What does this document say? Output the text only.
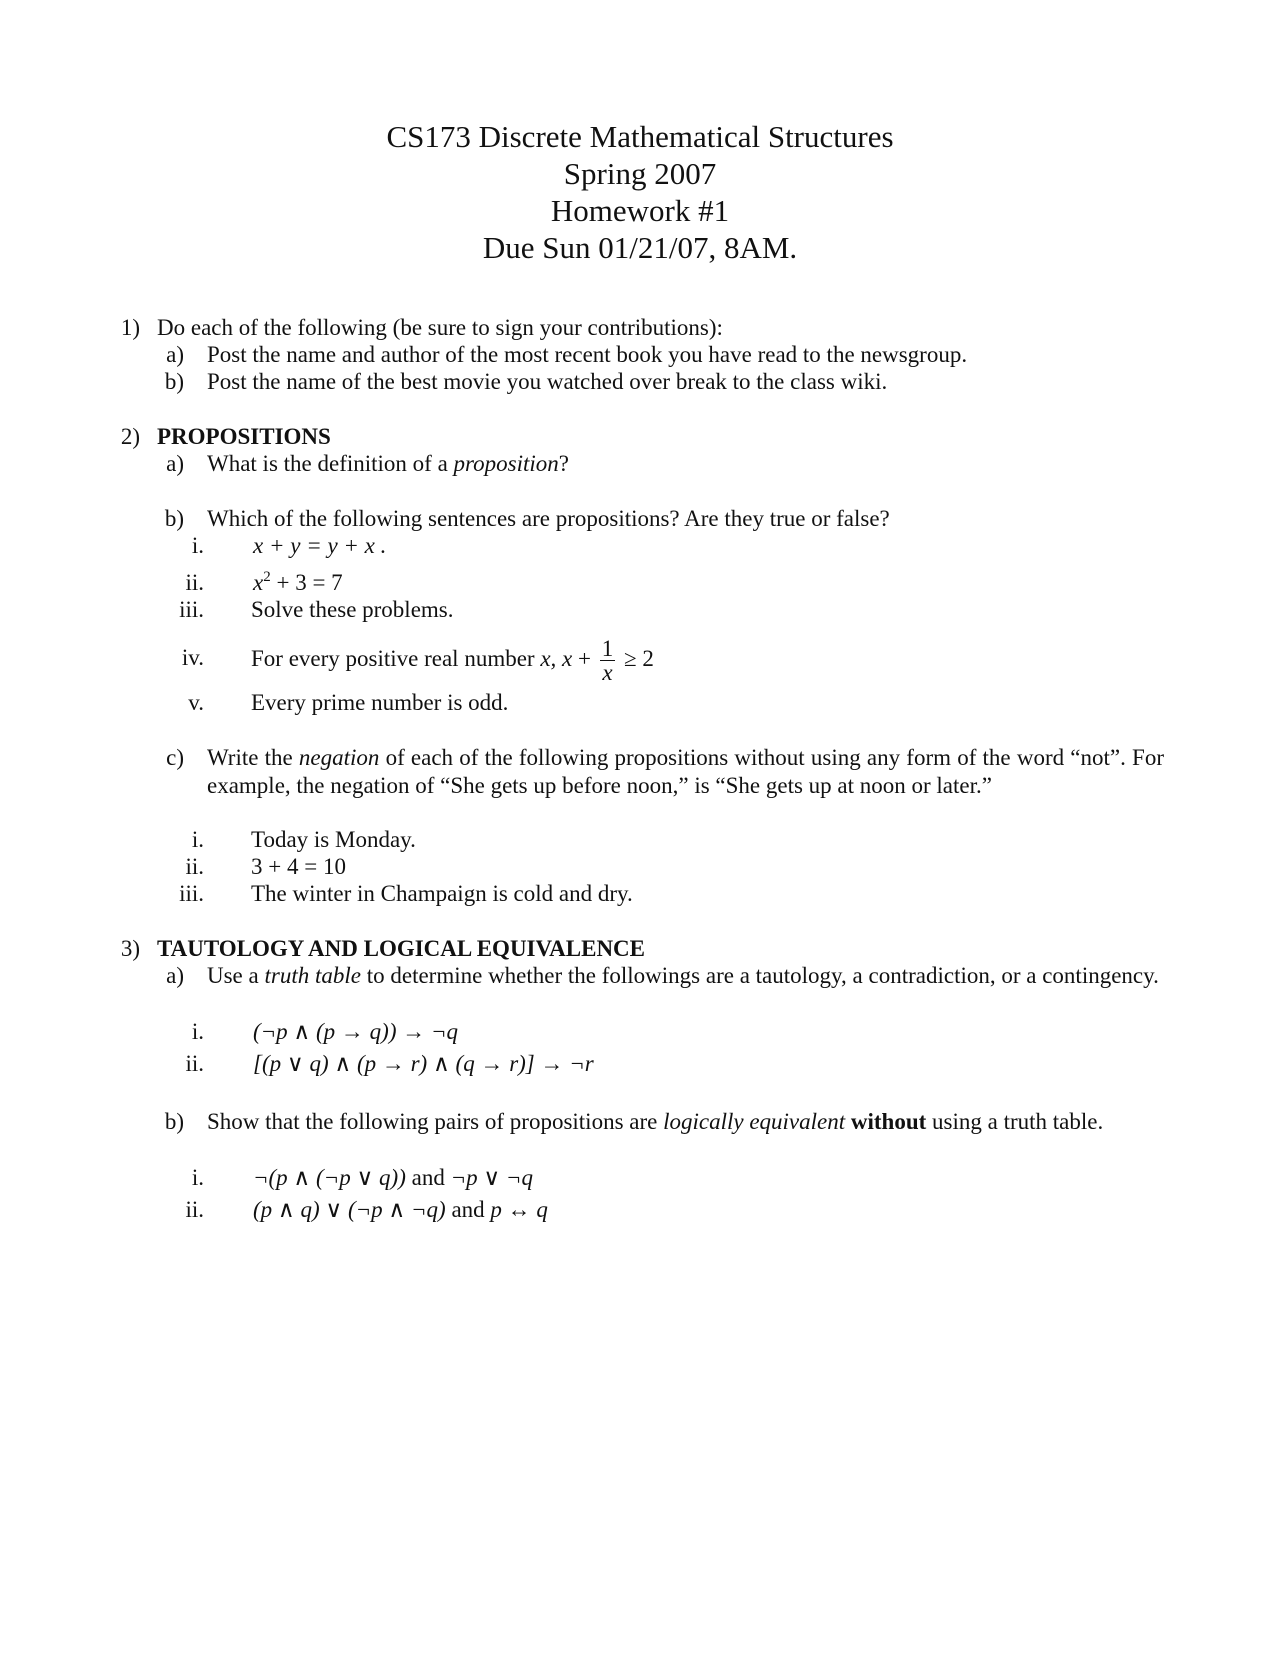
CS173 Discrete Mathematical Structures
Spring 2007
Homework #1
Due Sun 01/21/07, 8AM.
1) Do each of the following (be sure to sign your contributions):
a) Post the name and author of the most recent book you have read to the newsgroup.
b) Post the name of the best movie you watched over break to the class wiki.
2) PROPOSITIONS
a) What is the definition of a proposition?
b) Which of the following sentences are propositions? Are they true or false?
i. x + y = y + x .
ii. $x^2 + 3 = 7$
iii. Solve these problems.
iv. For every positive real number x, $x + \frac{1}{x} \ge 2$
v. Every prime number is odd.
c) Write the negation of each of the following propositions without using any form of the word “not”. For example, the negation of “She gets up before noon,” is “She gets up at noon or later.”
i. Today is Monday.
ii. 3 + 4 = 10
iii. The winter in Champaign is cold and dry.
3) TAUTOLOGY AND LOGICAL EQUIVALENCE
a) Use a truth table to determine whether the followings are a tautology, a contradiction, or a contingency.
i. (¬p ∧ (p → q)) → ¬q
ii. [(p ∨ q) ∧ (p → r) ∧ (q → r)] → ¬r
b) Show that the following pairs of propositions are logically equivalent without using a truth table.
i. ¬(p ∧ (¬p ∨ q)) and ¬p ∨ ¬q
ii. (p ∧ q) ∨ (¬p ∧ ¬q) and p ↔ q
